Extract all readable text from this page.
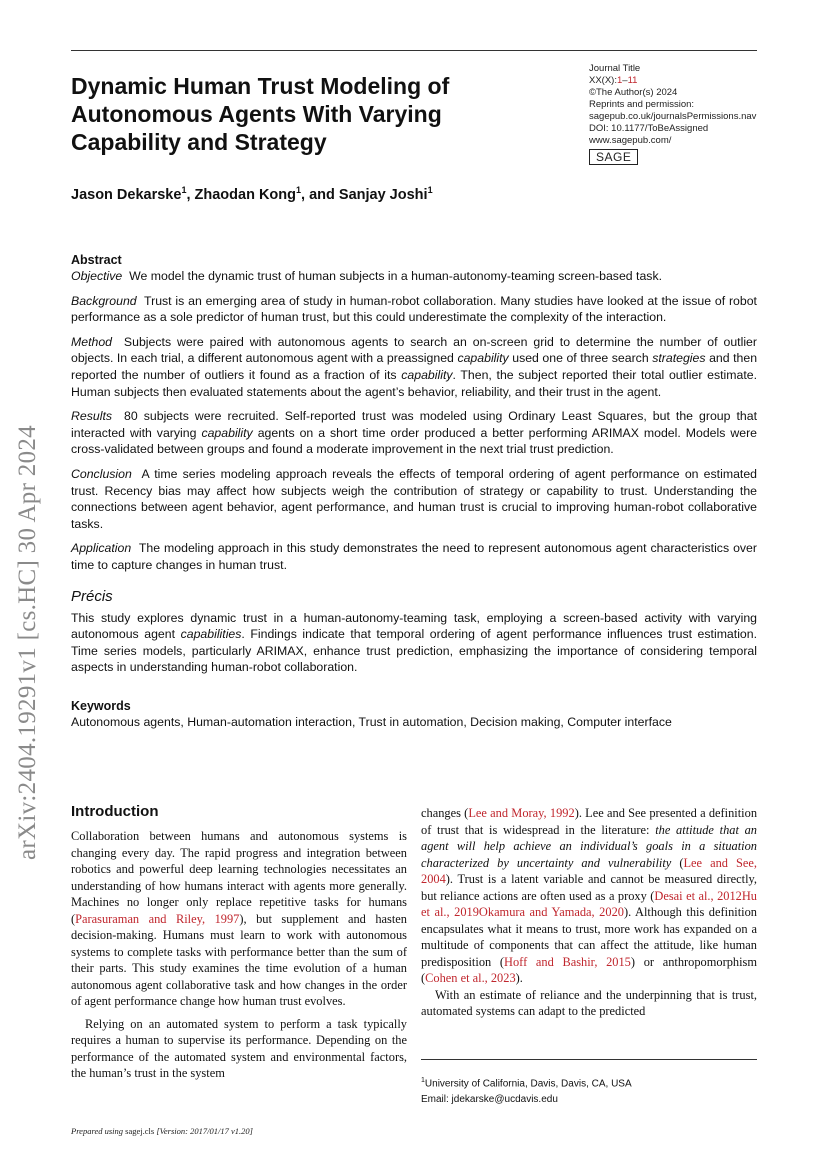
Dynamic Human Trust Modeling of Autonomous Agents With Varying Capability and Strategy
Journal Title
XX(X):1–11
©The Author(s) 2024
Reprints and permission:
sagepub.co.uk/journalsPermissions.nav
DOI: 10.1177/ToBeAssigned
www.sagepub.com/
SAGE
Jason Dekarske$^1$, Zhaodan Kong$^1$, and Sanjay Joshi$^1$
arXiv:2404.19291v1 [cs.HC] 30 Apr 2024
Abstract

Objective We model the dynamic trust of human subjects in a human-autonomy-teaming screen-based task.

Background Trust is an emerging area of study in human-robot collaboration. Many studies have looked at the issue of robot performance as a sole predictor of human trust, but this could underestimate the complexity of the interaction.

Method Subjects were paired with autonomous agents to search an on-screen grid to determine the number of outlier objects. In each trial, a different autonomous agent with a preassigned capability used one of three search strategies and then reported the number of outliers it found as a fraction of its capability. Then, the subject reported their total outlier estimate. Human subjects then evaluated statements about the agent’s behavior, reliability, and their trust in the agent.

Results 80 subjects were recruited. Self-reported trust was modeled using Ordinary Least Squares, but the group that interacted with varying capability agents on a short time order produced a better performing ARIMAX model. Models were cross-validated between groups and found a moderate improvement in the next trial trust prediction.

Conclusion A time series modeling approach reveals the effects of temporal ordering of agent performance on estimated trust. Recency bias may affect how subjects weigh the contribution of strategy or capability to trust. Understanding the connections between agent behavior, agent performance, and human trust is crucial to improving human-robot collaborative tasks.

Application The modeling approach in this study demonstrates the need to represent autonomous agent characteristics over time to capture changes in human trust.

Précis

This study explores dynamic trust in a human-autonomy-teaming task, employing a screen-based activity with varying autonomous agent capabilities. Findings indicate that temporal ordering of agent performance influences trust estimation. Time series models, particularly ARIMAX, enhance trust prediction, emphasizing the importance of considering temporal aspects in understanding human-robot collaboration.

Keywords

Autonomous agents, Human-automation interaction, Trust in automation, Decision making, Computer interface

Introduction

Collaboration between humans and autonomous systems is changing every day. The rapid progress and integration between robotics and powerful deep learning technologies necessitates an understanding of how humans interact with agents more generally. Machines no longer only replace repetitive tasks for humans (Parasuraman and Riley, 1997), but supplement and hasten decision-making. Humans must learn to work with autonomous systems to complete tasks with performance better than the sum of their parts. This study examines the time evolution of a human autonomous agent collaborative task and how changes in the order of agent performance change how human trust evolves.

Relying on an automated system to perform a task typically requires a human to supervise its performance. Depending on the performance of the automated system and environmental factors, the human’s trust in the system

changes (Lee and Moray, 1992). Lee and See presented a definition of trust that is widespread in the literature: the attitude that an agent will help achieve an individual’s goals in a situation characterized by uncertainty and vulnerability (Lee and See, 2004). Trust is a latent variable and cannot be measured directly, but reliance actions are often used as a proxy (Desai et al., 2012Hu et al., 2019Okamura and Yamada, 2020). Although this definition encapsulates what it means to trust, more work has expanded on a multitude of components that can affect the attitude, like human predisposition (Hoff and Bashir, 2015) or anthropomorphism (Cohen et al., 2023).

With an estimate of reliance and the underpinning that is trust, automated systems can adapt to the predicted

$^1$University of California, Davis, Davis, CA, USA
Email: jdekarske@ucdavis.edu
Prepared using sagej.cls [Version: 2017/01/17 v1.20]
